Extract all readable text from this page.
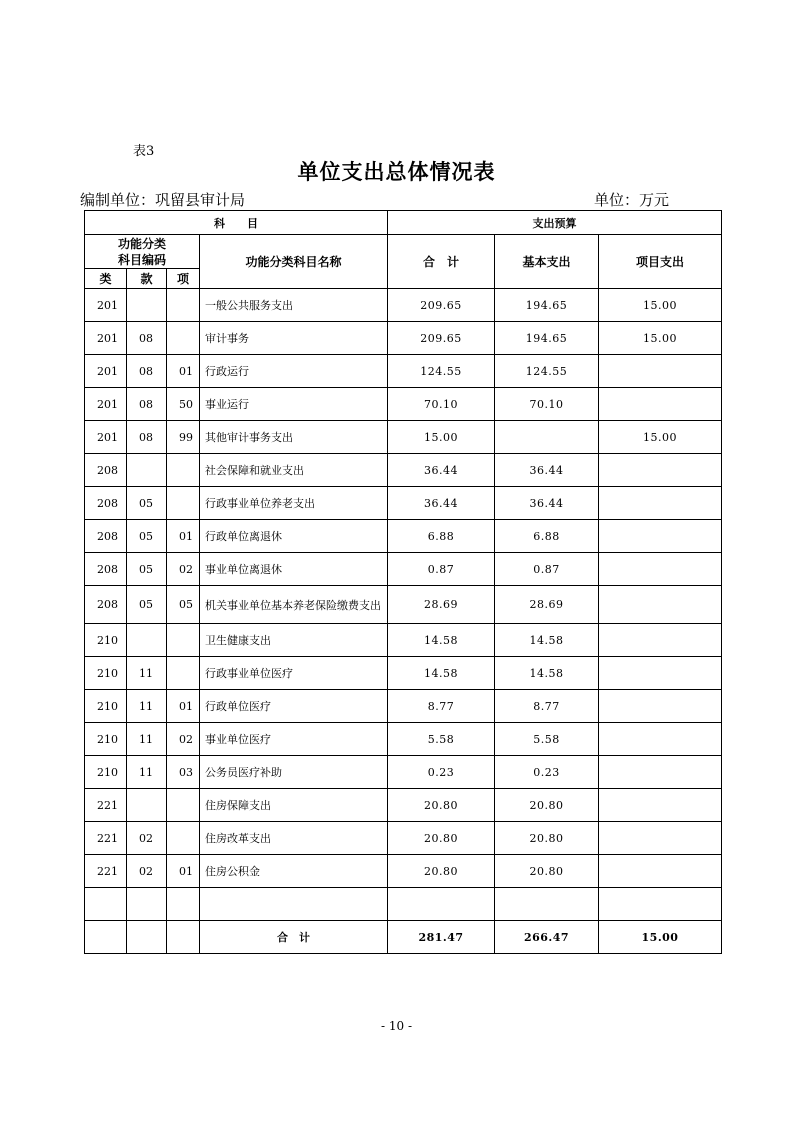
表3
单位支出总体情况表
编制单位：巩留县审计局	单位：万元
科　　目				支出预算		

功能分类
科目编码			功能分类科目名称	合　计	基本支出	项目支出
类	款	项				
201			一般公共服务支出	209.65	194.65	15.00
201	08		审计事务	209.65	194.65	15.00
201	08	01	行政运行	124.55	124.55	
201	08	50	事业运行	70.10	70.10	
201	08	99	其他审计事务支出	15.00		15.00
208			社会保障和就业支出	36.44	36.44	
208	05		行政事业单位养老支出	36.44	36.44	
208	05	01	行政单位离退休	6.88	6.88	
208	05	02	事业单位离退休	0.87	0.87	
208	05	05	机关事业单位基本养老保险缴费支出	28.69	28.69	
210			卫生健康支出	14.58	14.58	
210	11		行政事业单位医疗	14.58	14.58	
210	11	01	行政单位医疗	8.77	8.77	
210	11	02	事业单位医疗	5.58	5.58	
210	11	03	公务员医疗补助	0.23	0.23	
221			住房保障支出	20.80	20.80	
221	02		住房改革支出	20.80	20.80	
221	02	01	住房公积金	20.80	20.80	

			合　计	281.47	266.47	15.00
- 10 -
